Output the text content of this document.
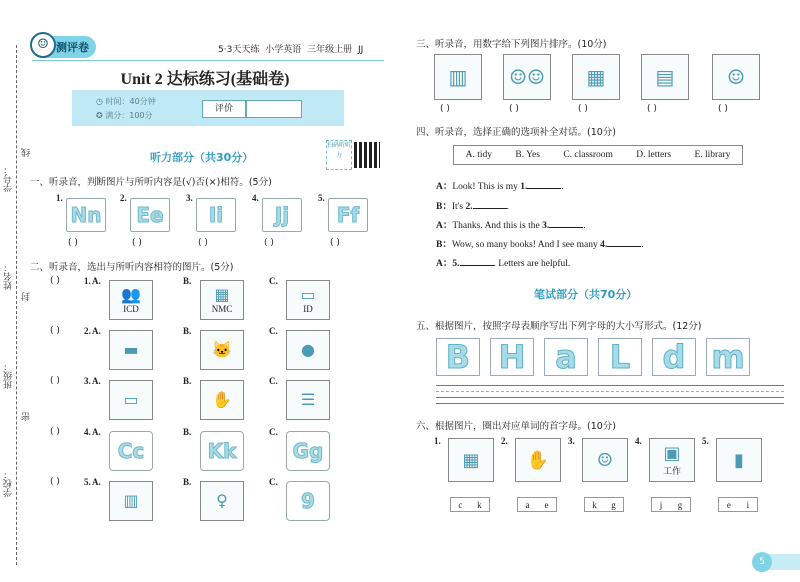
学号：
姓名：
班级：
学校：
线
封
密
☺ 测评卷	5·3天天练 小学英语 三年级上册 JJ
Unit 2 达标练习(基础卷)
◷ 时间：40分钟
✪ 满分：100分
评价
扫码听听力
听力部分（共30分）
一、听录音，判断图片与所听内容是(√)否(×)相符。(5分)
1.
Nn
( )
2.
Ee
( )
3.
Ii
( )
4.
Jj
( )
5.
Ff
( )
二、听录音，选出与所听内容相符的图片。(5分)
( )	1. A.
👥
ICD
B.
▦
NMC
C.
▭
ID
( )	2. A.
▬
B.
🐱
C.
●
( )	3. A.
▭
B.
✋
C.
☰
( )	4. A.
Cc
B.
Kk
C.
Gg
( )	5. A.
▥
B.
♀
C.
9
三、听录音，用数字给下列图片排序。(10分)
▥
( )
☺☺
( )
▦
( )
▤
( )
☺
( )
四、听录音，选择正确的选项补全对话。(10分)
A. tidy B. Yes C. classroom D. letters E. library
A：Look! This is my 1.	.
B：It's 2.	.
A：Thanks. And this is the 3.	.
B：Wow, so many books! And I see many 4.	.
A：5.	. Letters are helpful.
笔试部分（共70分）
五、根据图片，按照字母表顺序写出下列字母的大小写形式。(12分)
B H a	L	d m
六、根据图片，圈出对应单词的首字母。(10分)
1.
▦
c k
2.
✋
a e
3.
☺
k g
4.
▣
工作
j g
5.
▮
e i
5
